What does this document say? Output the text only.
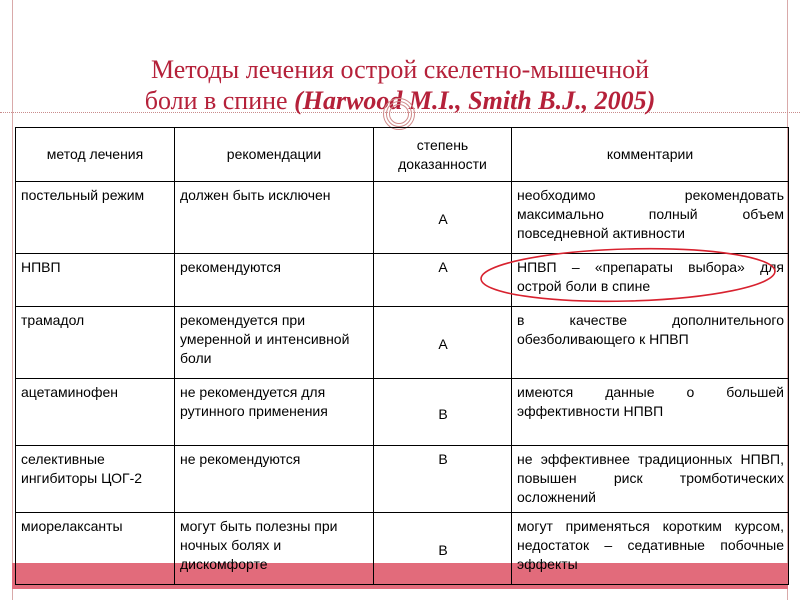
Методы лечения острой скелетно-мышечной
боли в спине (Harwood M.I., Smith B.J., 2005)
метод лечения	рекомендации	степень доказанности	комментарии
постельный режим	должен быть исключен	А	необходимо рекомендовать максимально полный объем повседневной активности
НПВП	рекомендуются	А	НПВП – «препараты выбора» для острой боли в спине
трамадол	рекомендуется при умеренной и интенсивной боли	А	в качестве дополнительного обезболивающего к НПВП
ацетаминофен	не рекомендуется для рутинного применения	В	имеются данные о большей эффективности НПВП
селективные ингибиторы ЦОГ-2	не рекомендуются	В	не эффективнее традиционных НПВП, повышен риск тромботических осложнений
миорелаксанты	могут быть полезны при ночных болях и дискомфорте	В	могут применяться коротким курсом, недостаток – седативные побочные эффекты
